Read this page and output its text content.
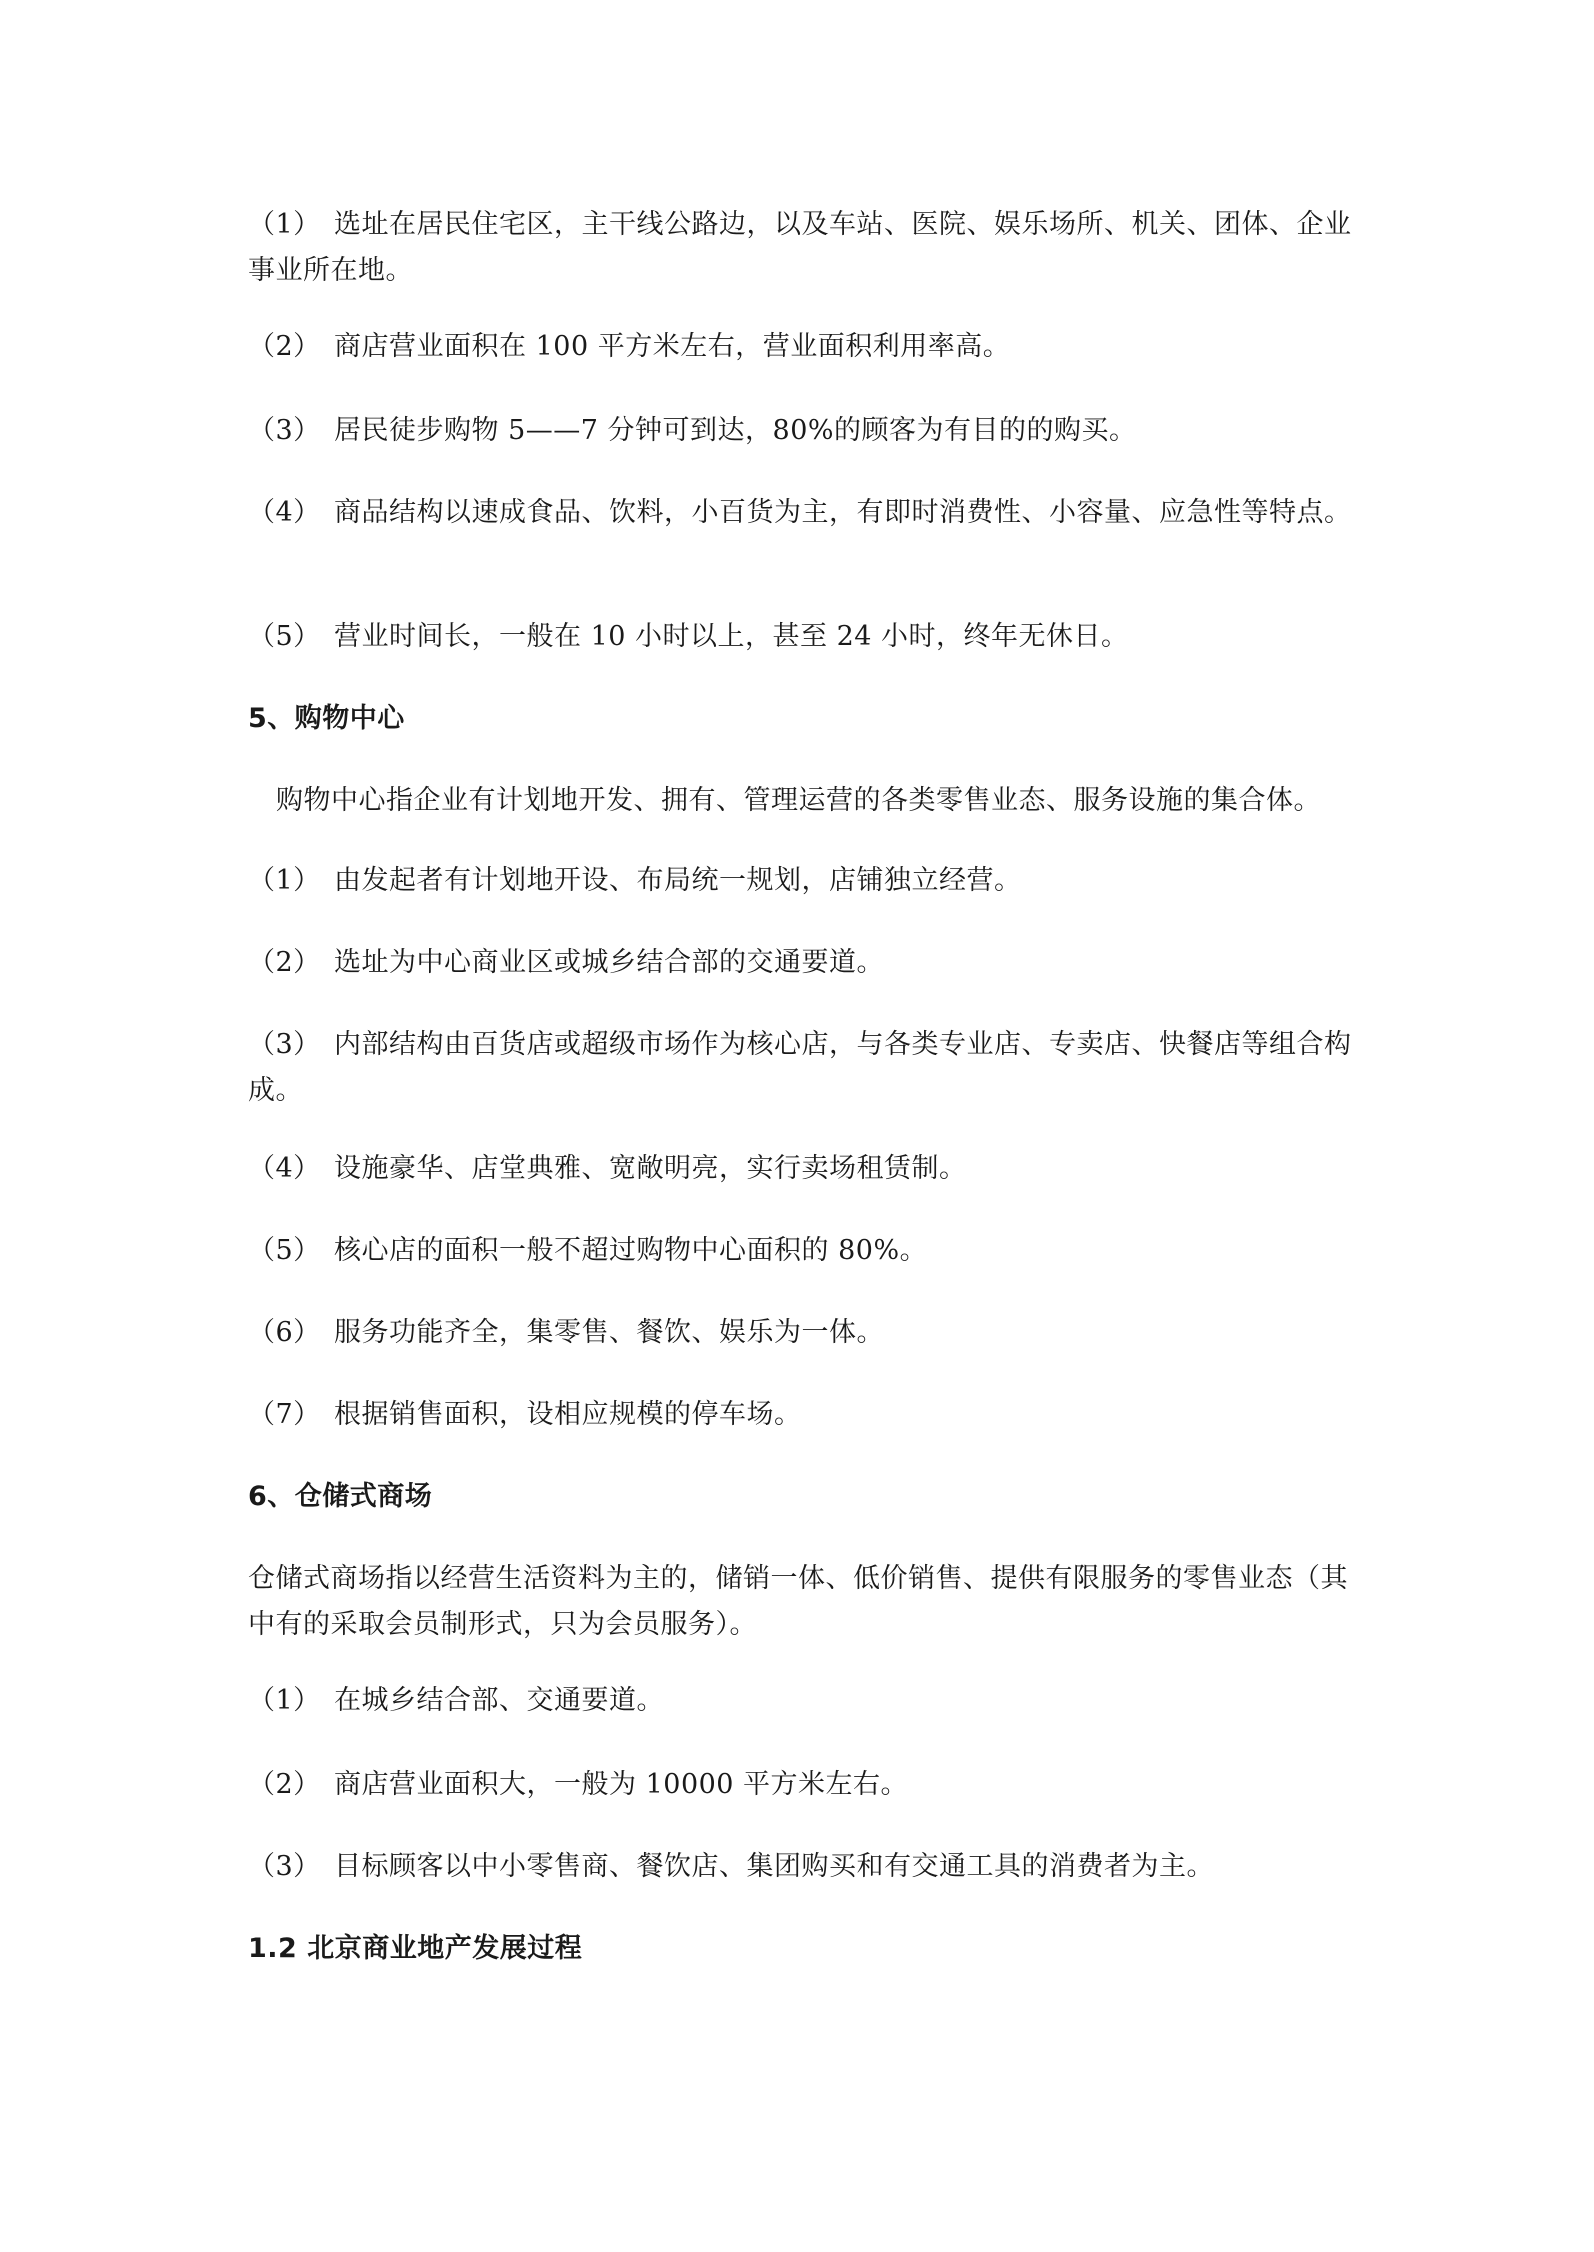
（1） 选址在居民住宅区，主干线公路边，以及车站、医院、娱乐场所、机关、团体、企业事业所在地。
（2） 商店营业面积在 100 平方米左右，营业面积利用率高。
（3） 居民徒步购物 5——7 分钟可到达，80%的顾客为有目的的购买。
（4） 商品结构以速成食品、饮料，小百货为主，有即时消费性、小容量、应急性等特点。
（5） 营业时间长，一般在 10 小时以上，甚至 24 小时，终年无休日。
5、购物中心
购物中心指企业有计划地开发、拥有、管理运营的各类零售业态、服务设施的集合体。
（1） 由发起者有计划地开设、布局统一规划，店铺独立经营。
（2） 选址为中心商业区或城乡结合部的交通要道。
（3） 内部结构由百货店或超级市场作为核心店，与各类专业店、专卖店、快餐店等组合构成。
（4） 设施豪华、店堂典雅、宽敞明亮，实行卖场租赁制。
（5） 核心店的面积一般不超过购物中心面积的 80%。
（6） 服务功能齐全，集零售、餐饮、娱乐为一体。
（7） 根据销售面积，设相应规模的停车场。
6、仓储式商场
仓储式商场指以经营生活资料为主的，储销一体、低价销售、提供有限服务的零售业态（其中有的采取会员制形式，只为会员服务）。
（1） 在城乡结合部、交通要道。
（2） 商店营业面积大，一般为 10000 平方米左右。
（3） 目标顾客以中小零售商、餐饮店、集团购买和有交通工具的消费者为主。
1.2 北京商业地产发展过程
